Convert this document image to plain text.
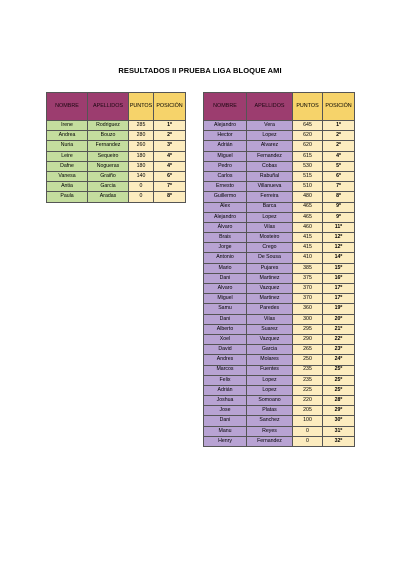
RESULTADOS II PRUEBA LIGA BLOQUE AMI
NOMBRE	APELLIDOS	PUNTOS	POSICIÓN
Irene	Rodriguez	285	1º
Andrea	Bouzo	280	2º
Nuria	Fernandez	260	3º
Leire	Sequeiro	180	4º
Dafne	Nogueras	180	4º
Vanesa	Graiño	140	6º
Antia	Garcia	0	7º
Paula	Aradas	0	8º
NOMBRE	APELLIDOS	PUNTOS	POSICIÓN
Alejandro	Vera	645	1º
Hector	Lopez	620	2º
Adrián	Alvarez	620	2º
Miguel	Fernandez	615	4º
Pedro	Cobas	530	5º
Carlos	Rabuñal	515	6º
Ernesto	Villanueva	510	7º
Guillermo	Ferreira	480	8º
Alex	Barca	465	9º
Alejandro	Lopez	465	9º
Álvaro	Vilas	460	11º
Brais	Mosteiro	415	12º
Jorge	Crego	415	12º
Antonio	De Sousa	410	14º
Mario	Pujares	385	15º
Dani	Martinez	375	16º
Alvaro	Vazquez	370	17º
Miguel	Martinez	370	17º
Samu	Paredes	360	19º
Dani	Vilas	300	20º
Alberto	Suarez	295	21º
Xoel	Vazquez	290	22º
David	Garcia	265	23º
Andres	Molares	250	24º
Marcos	Fuentes	235	25º
Felix	Lopez	235	25º
Adrián	Lopez	225	25º
Joshua	Somoano	220	28º
Jose	Platas	205	29º
Dani	Sanchez	100	30º
Manu	Reyes	0	31º
Henry	Fernandez	0	32º
